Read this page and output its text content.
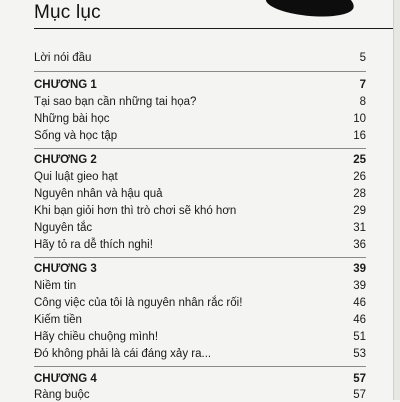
Mục lục
Lời nói đầu	5
CHƯƠNG 1	7
Tại sao bạn cần những tai họa?	8
Những bài học	10
Sống và học tập	16
CHƯƠNG 2	25
Qui luật gieo hạt	26
Nguyên nhân và hậu quả	28
Khi bạn giỏi hơn thì trò chơi sẽ khó hơn	29
Nguyên tắc	31
Hãy tỏ ra dễ thích nghi!	36
CHƯƠNG 3	39
Niềm tin	39
Công việc của tôi là nguyên nhân rắc rối!	46
Kiếm tiền	46
Hãy chiều chuộng mình!	51
Đó không phải là cái đáng xảy ra...	53
CHƯƠNG 4	57
Ràng buộc	57
